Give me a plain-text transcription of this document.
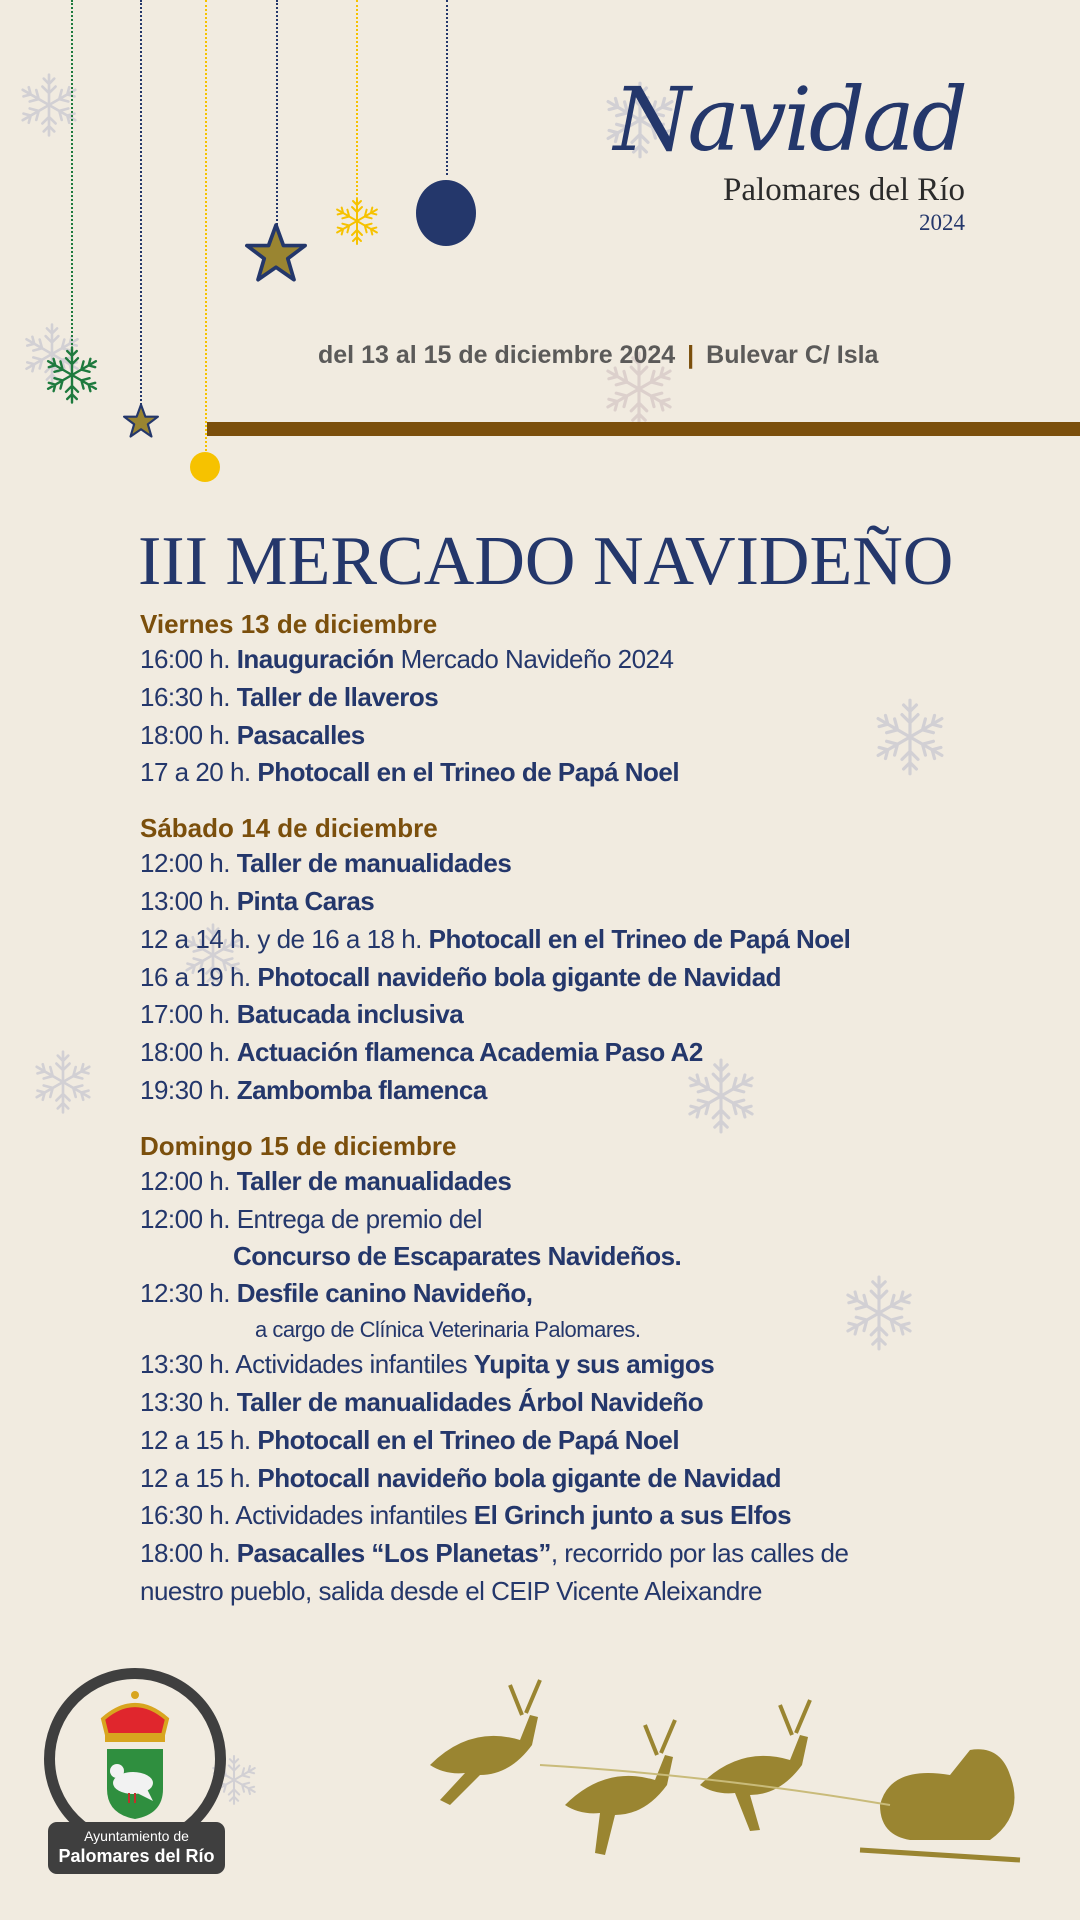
Navidad
Palomares del Río
2024
del 13 al 15 de diciembre 2024 | Bulevar C/ Isla
III MERCADO NAVIDEÑO
Viernes 13 de diciembre
16:00 h. Inauguración Mercado Navideño 2024
16:30 h. Taller de llaveros
18:00 h. Pasacalles
17 a 20 h. Photocall en el Trineo de Papá Noel
Sábado 14 de diciembre
12:00 h. Taller de manualidades
13:00 h. Pinta Caras
12 a 14 h. y de 16 a 18 h. Photocall en el Trineo de Papá Noel
16 a 19 h. Photocall navideño bola gigante de Navidad
17:00 h. Batucada inclusiva
18:00 h. Actuación flamenca Academia Paso A2
19:30 h. Zambomba flamenca
Domingo 15 de diciembre
12:00 h. Taller de manualidades
12:00 h. Entrega de premio del
Concurso de Escaparates Navideños.
12:30 h. Desfile canino Navideño,
a cargo de Clínica Veterinaria Palomares.
13:30 h. Actividades infantiles Yupita y sus amigos
13:30 h. Taller de manualidades Árbol Navideño
12 a 15 h. Photocall en el Trineo de Papá Noel
12 a 15 h. Photocall navideño bola gigante de Navidad
16:30 h. Actividades infantiles El Grinch junto a sus Elfos
18:00 h. Pasacalles “Los Planetas”, recorrido por las calles de
nuestro pueblo, salida desde el CEIP Vicente Aleixandre
Ayuntamiento de
Palomares del Río
